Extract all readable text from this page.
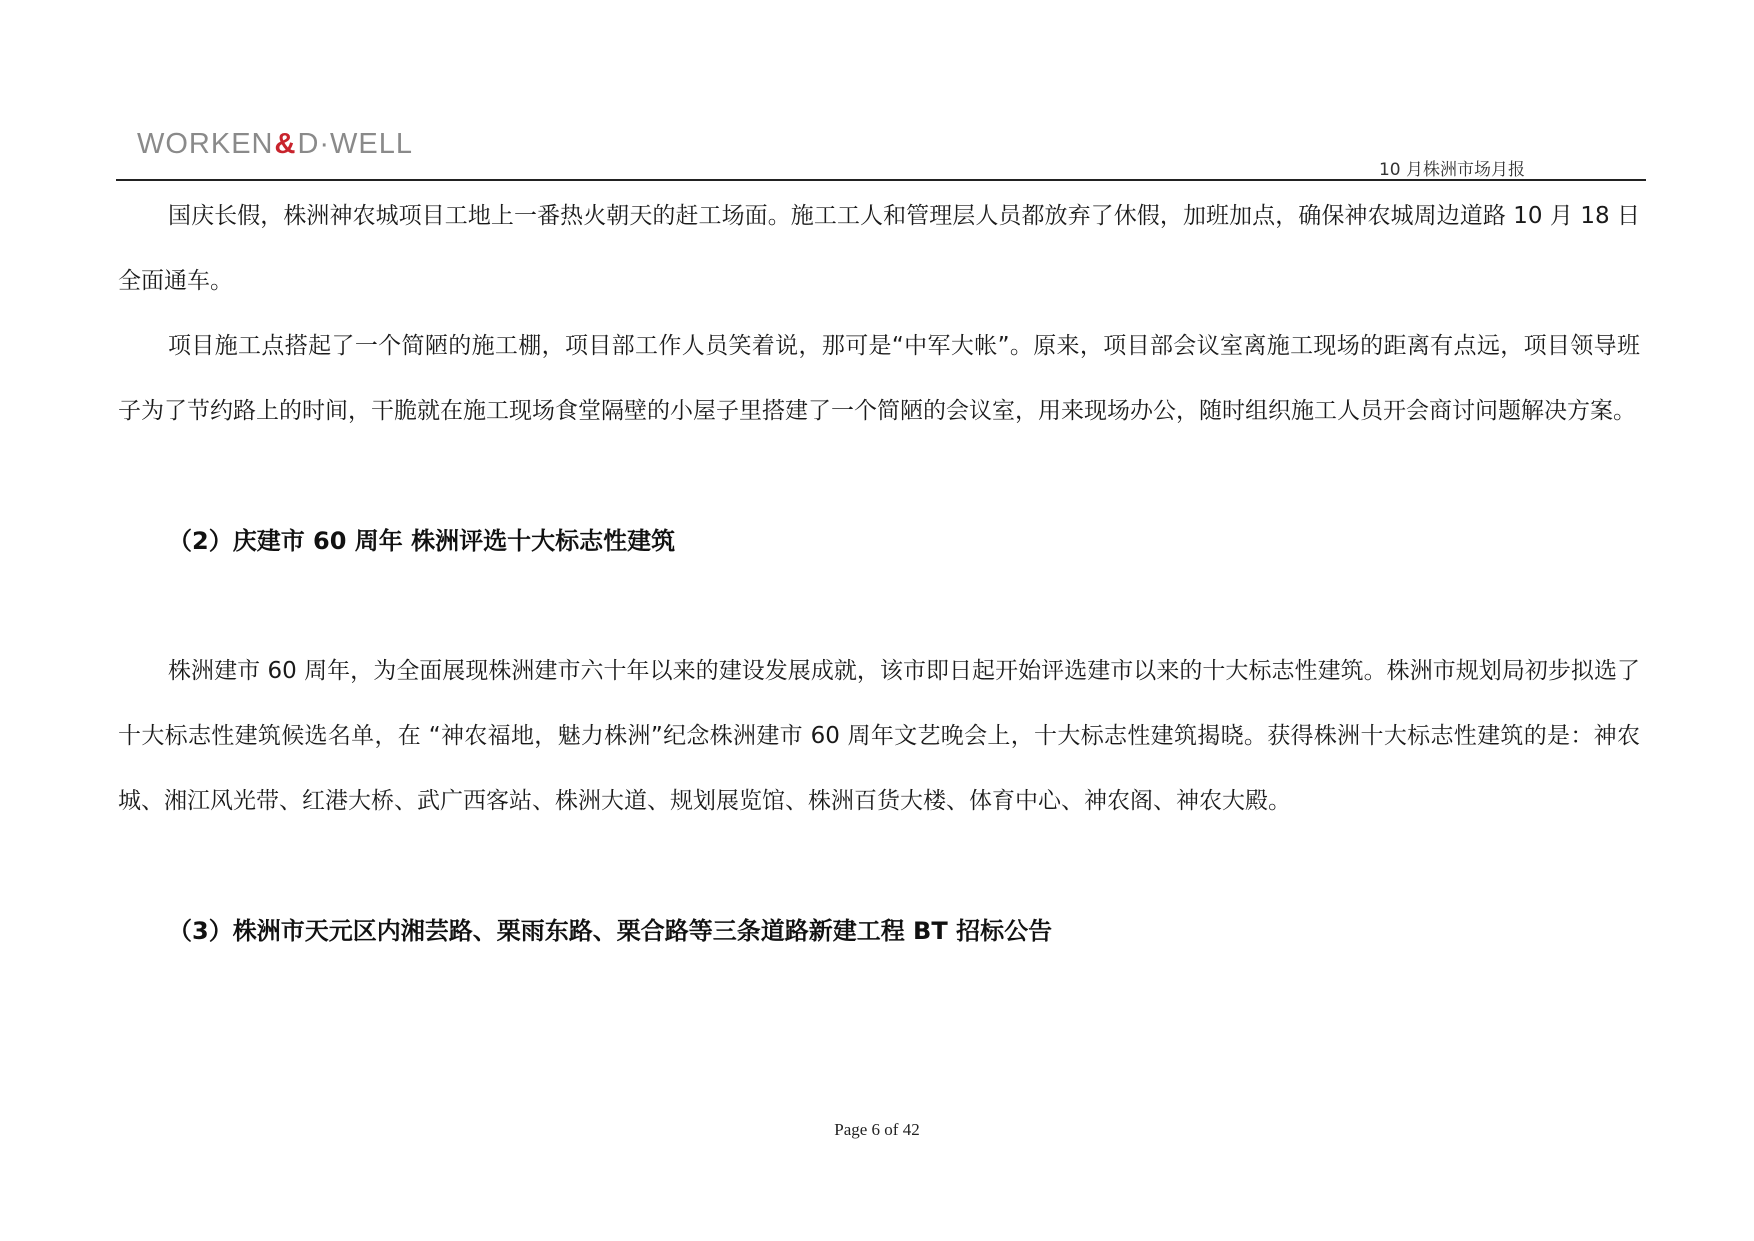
WORKEN & D·WELL
10 月株洲市场月报

国庆长假，株洲神农城项目工地上一番热火朝天的赶工场面。施工工人和管理层人员都放弃了休假，加班加点，确保神农城周边道路 10 月 18 日全面通车。

项目施工点搭起了一个简陋的施工棚，项目部工作人员笑着说，那可是“中军大帐”。原来，项目部会议室离施工现场的距离有点远，项目领导班子为了节约路上的时间，干脆就在施工现场食堂隔壁的小屋子里搭建了一个简陋的会议室，用来现场办公，随时组织施工人员开会商讨问题解决方案。

（2）庆建市 60 周年 株洲评选十大标志性建筑

株洲建市 60 周年，为全面展现株洲建市六十年以来的建设发展成就，该市即日起开始评选建市以来的十大标志性建筑。株洲市规划局初步拟选了十大标志性建筑候选名单，在 “神农福地，魅力株洲”纪念株洲建市 60 周年文艺晚会上，十大标志性建筑揭晓。获得株洲十大标志性建筑的是：神农城、湘江风光带、红港大桥、武广西客站、株洲大道、规划展览馆、株洲百货大楼、体育中心、神农阁、神农大殿。

（3）株洲市天元区内湘芸路、栗雨东路、栗合路等三条道路新建工程 BT 招标公告

Page 6 of 42
